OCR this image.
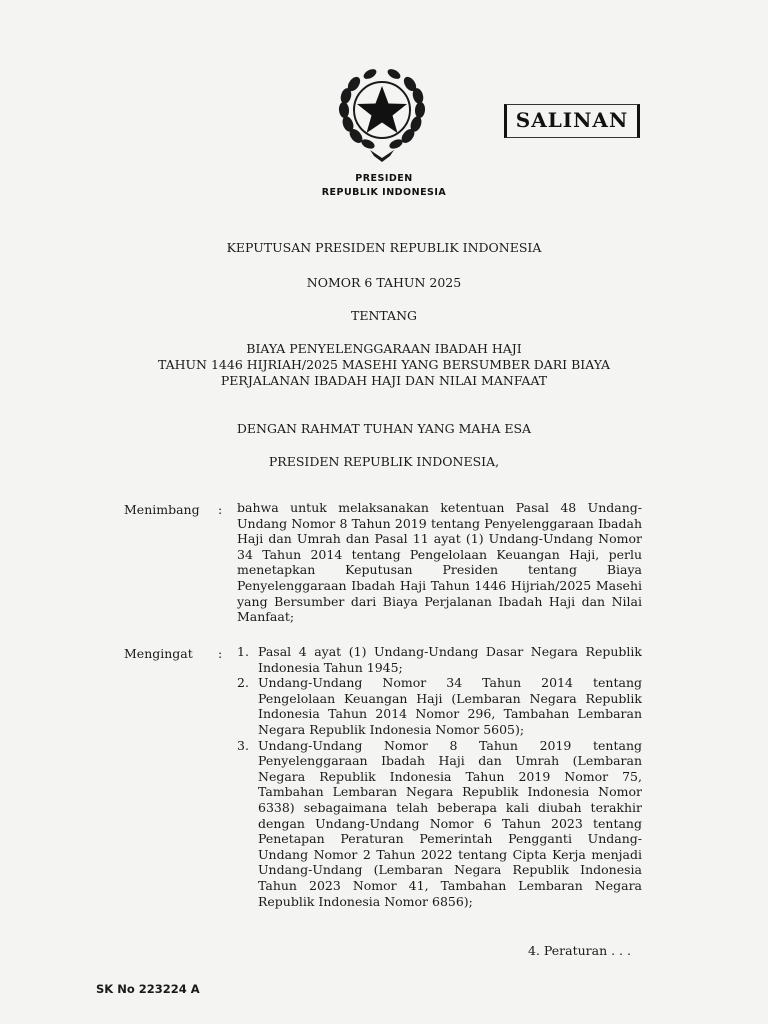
SALINAN
PRESIDEN
REPUBLIK INDONESIA
KEPUTUSAN PRESIDEN REPUBLIK INDONESIA
NOMOR 6 TAHUN 2025
TENTANG
BIAYA PENYELENGGARAAN IBADAH HAJI
TAHUN 1446 HIJRIAH/2025 MASEHI YANG BERSUMBER DARI BIAYA
PERJALANAN IBADAH HAJI DAN NILAI MANFAAT
DENGAN RAHMAT TUHAN YANG MAHA ESA
PRESIDEN REPUBLIK INDONESIA,
Menimbang : bahwa untuk melaksanakan ketentuan Pasal 48 Undang-Undang Nomor 8 Tahun 2019 tentang Penyelenggaraan Ibadah Haji dan Umrah dan Pasal 11 ayat (1) Undang-Undang Nomor 34 Tahun 2014 tentang Pengelolaan Keuangan Haji, perlu menetapkan Keputusan Presiden tentang Biaya Penyelenggaraan Ibadah Haji Tahun 1446 Hijriah/2025 Masehi yang Bersumber dari Biaya Perjalanan Ibadah Haji dan Nilai Manfaat;

Mengingat : 1. Pasal 4 ayat (1) Undang-Undang Dasar Negara Republik Indonesia Tahun 1945;
2. Undang-Undang Nomor 34 Tahun 2014 tentang Pengelolaan Keuangan Haji (Lembaran Negara Republik Indonesia Tahun 2014 Nomor 296, Tambahan Lembaran Negara Republik Indonesia Nomor 5605);
3. Undang-Undang Nomor 8 Tahun 2019 tentang Penyelenggaraan Ibadah Haji dan Umrah (Lembaran Negara Republik Indonesia Tahun 2019 Nomor 75, Tambahan Lembaran Negara Republik Indonesia Nomor 6338) sebagaimana telah beberapa kali diubah terakhir dengan Undang-Undang Nomor 6 Tahun 2023 tentang Penetapan Peraturan Pemerintah Pengganti Undang-Undang Nomor 2 Tahun 2022 tentang Cipta Kerja menjadi Undang-Undang (Lembaran Negara Republik Indonesia Tahun 2023 Nomor 41, Tambahan Lembaran Negara Republik Indonesia Nomor 6856);
4. Peraturan . . .
SK No 223224 A
